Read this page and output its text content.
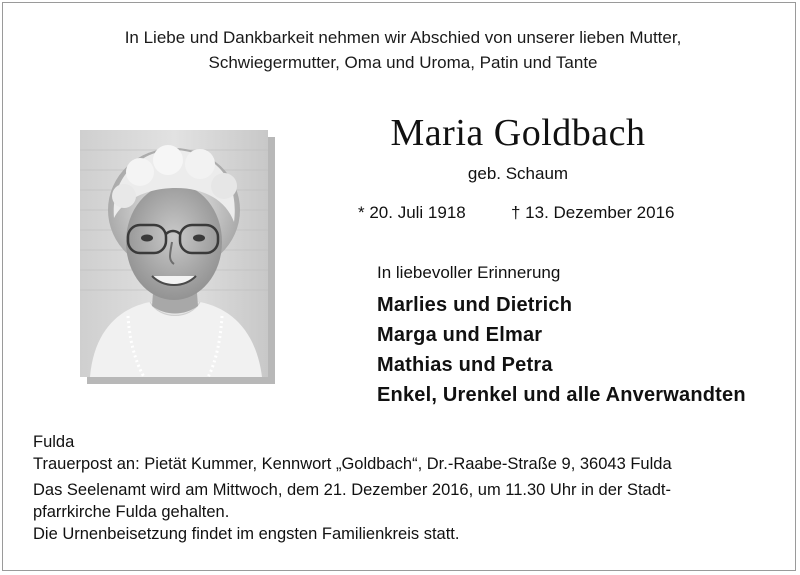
In Liebe und Dankbarkeit nehmen wir Abschied von unserer lieben Mutter,
Schwiegermutter, Oma und Uroma, Patin und Tante
Maria Goldbach
geb. Schaum
* 20. Juli 1918	† 13. Dezember 2016
In liebevoller Erinnerung
Marlies und Dietrich
Marga und Elmar
Mathias und Petra
Enkel, Urenkel und alle Anverwandten
Fulda
Trauerpost an: Pietät Kummer, Kennwort „Goldbach“, Dr.-Raabe-Straße 9, 36043 Fulda
Das Seelenamt wird am Mittwoch, dem 21. Dezember 2016, um 11.30 Uhr in der Stadt-
pfarrkirche Fulda gehalten.
Die Urnenbeisetzung findet im engsten Familienkreis statt.
